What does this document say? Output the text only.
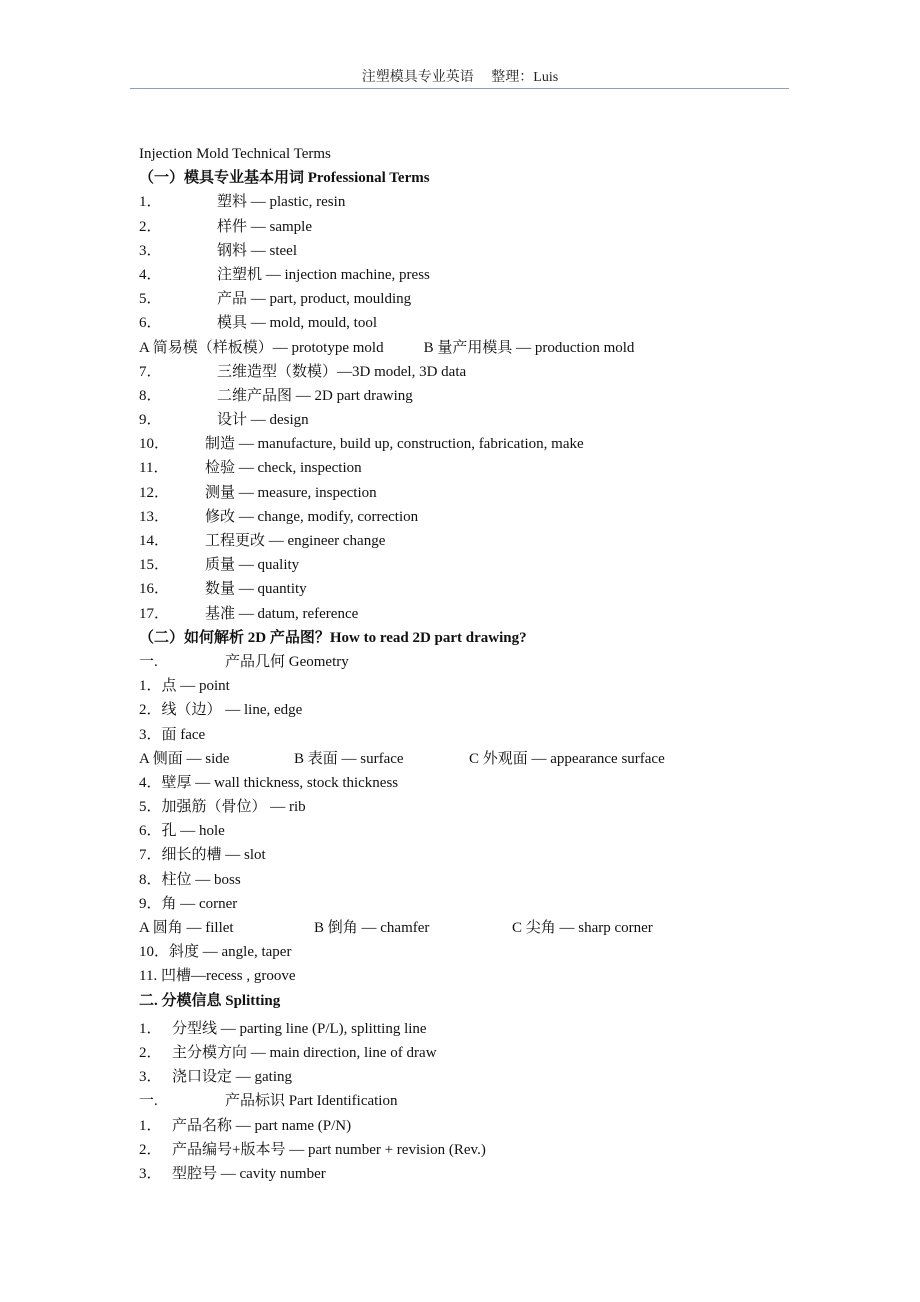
注塑模具专业英语　 整理：Luis
Injection Mold Technical Terms
（一）模具专业基本用词 Professional Terms
1．	塑料 — plastic, resin
2．	样件 — sample
3．	钢料 — steel
4．	注塑机 — injection machine, press
5．	产品 — part, product, moulding
6．	模具 — mold, mould, tool
A 简易模（样板模）— prototype mold	B 量产用模具 — production mold
7．	三维造型（数模）—3D model, 3D data
8．	二维产品图 — 2D part drawing
9．	设计 — design
10． 制造 — manufacture, build up, construction, fabrication, make
11． 检验 — check, inspection
12． 测量 — measure, inspection
13． 修改 — change, modify, correction
14． 工程更改 — engineer change
15． 质量 — quality
16． 数量 — quantity
17． 基准 — datum, reference
（二）如何解析 2D 产品图？How to read 2D part drawing?
一.	产品几何 Geometry
1．点 — point
2．线（边） — line, edge
3．面 face
A 侧面 — side	B 表面 — surface	C 外观面 — appearance surface
4．壁厚 — wall thickness, stock thickness
5．加强筋（骨位） — rib
6．孔 — hole
7．细长的槽 — slot
8．柱位 — boss
9．角 — corner
A 圆角 — fillet	B 倒角 — chamfer	C 尖角 — sharp corner
10．斜度 — angle, taper
11. 凹槽—recess , groove
二. 分模信息 Splitting
1． 分型线 — parting line (P/L), splitting line
2． 主分模方向 — main direction, line of draw
3． 浇口设定 — gating
一.	产品标识 Part Identification
1． 产品名称 — part name (P/N)
2． 产品编号+版本号 — part number + revision (Rev.)
3． 型腔号 — cavity number
